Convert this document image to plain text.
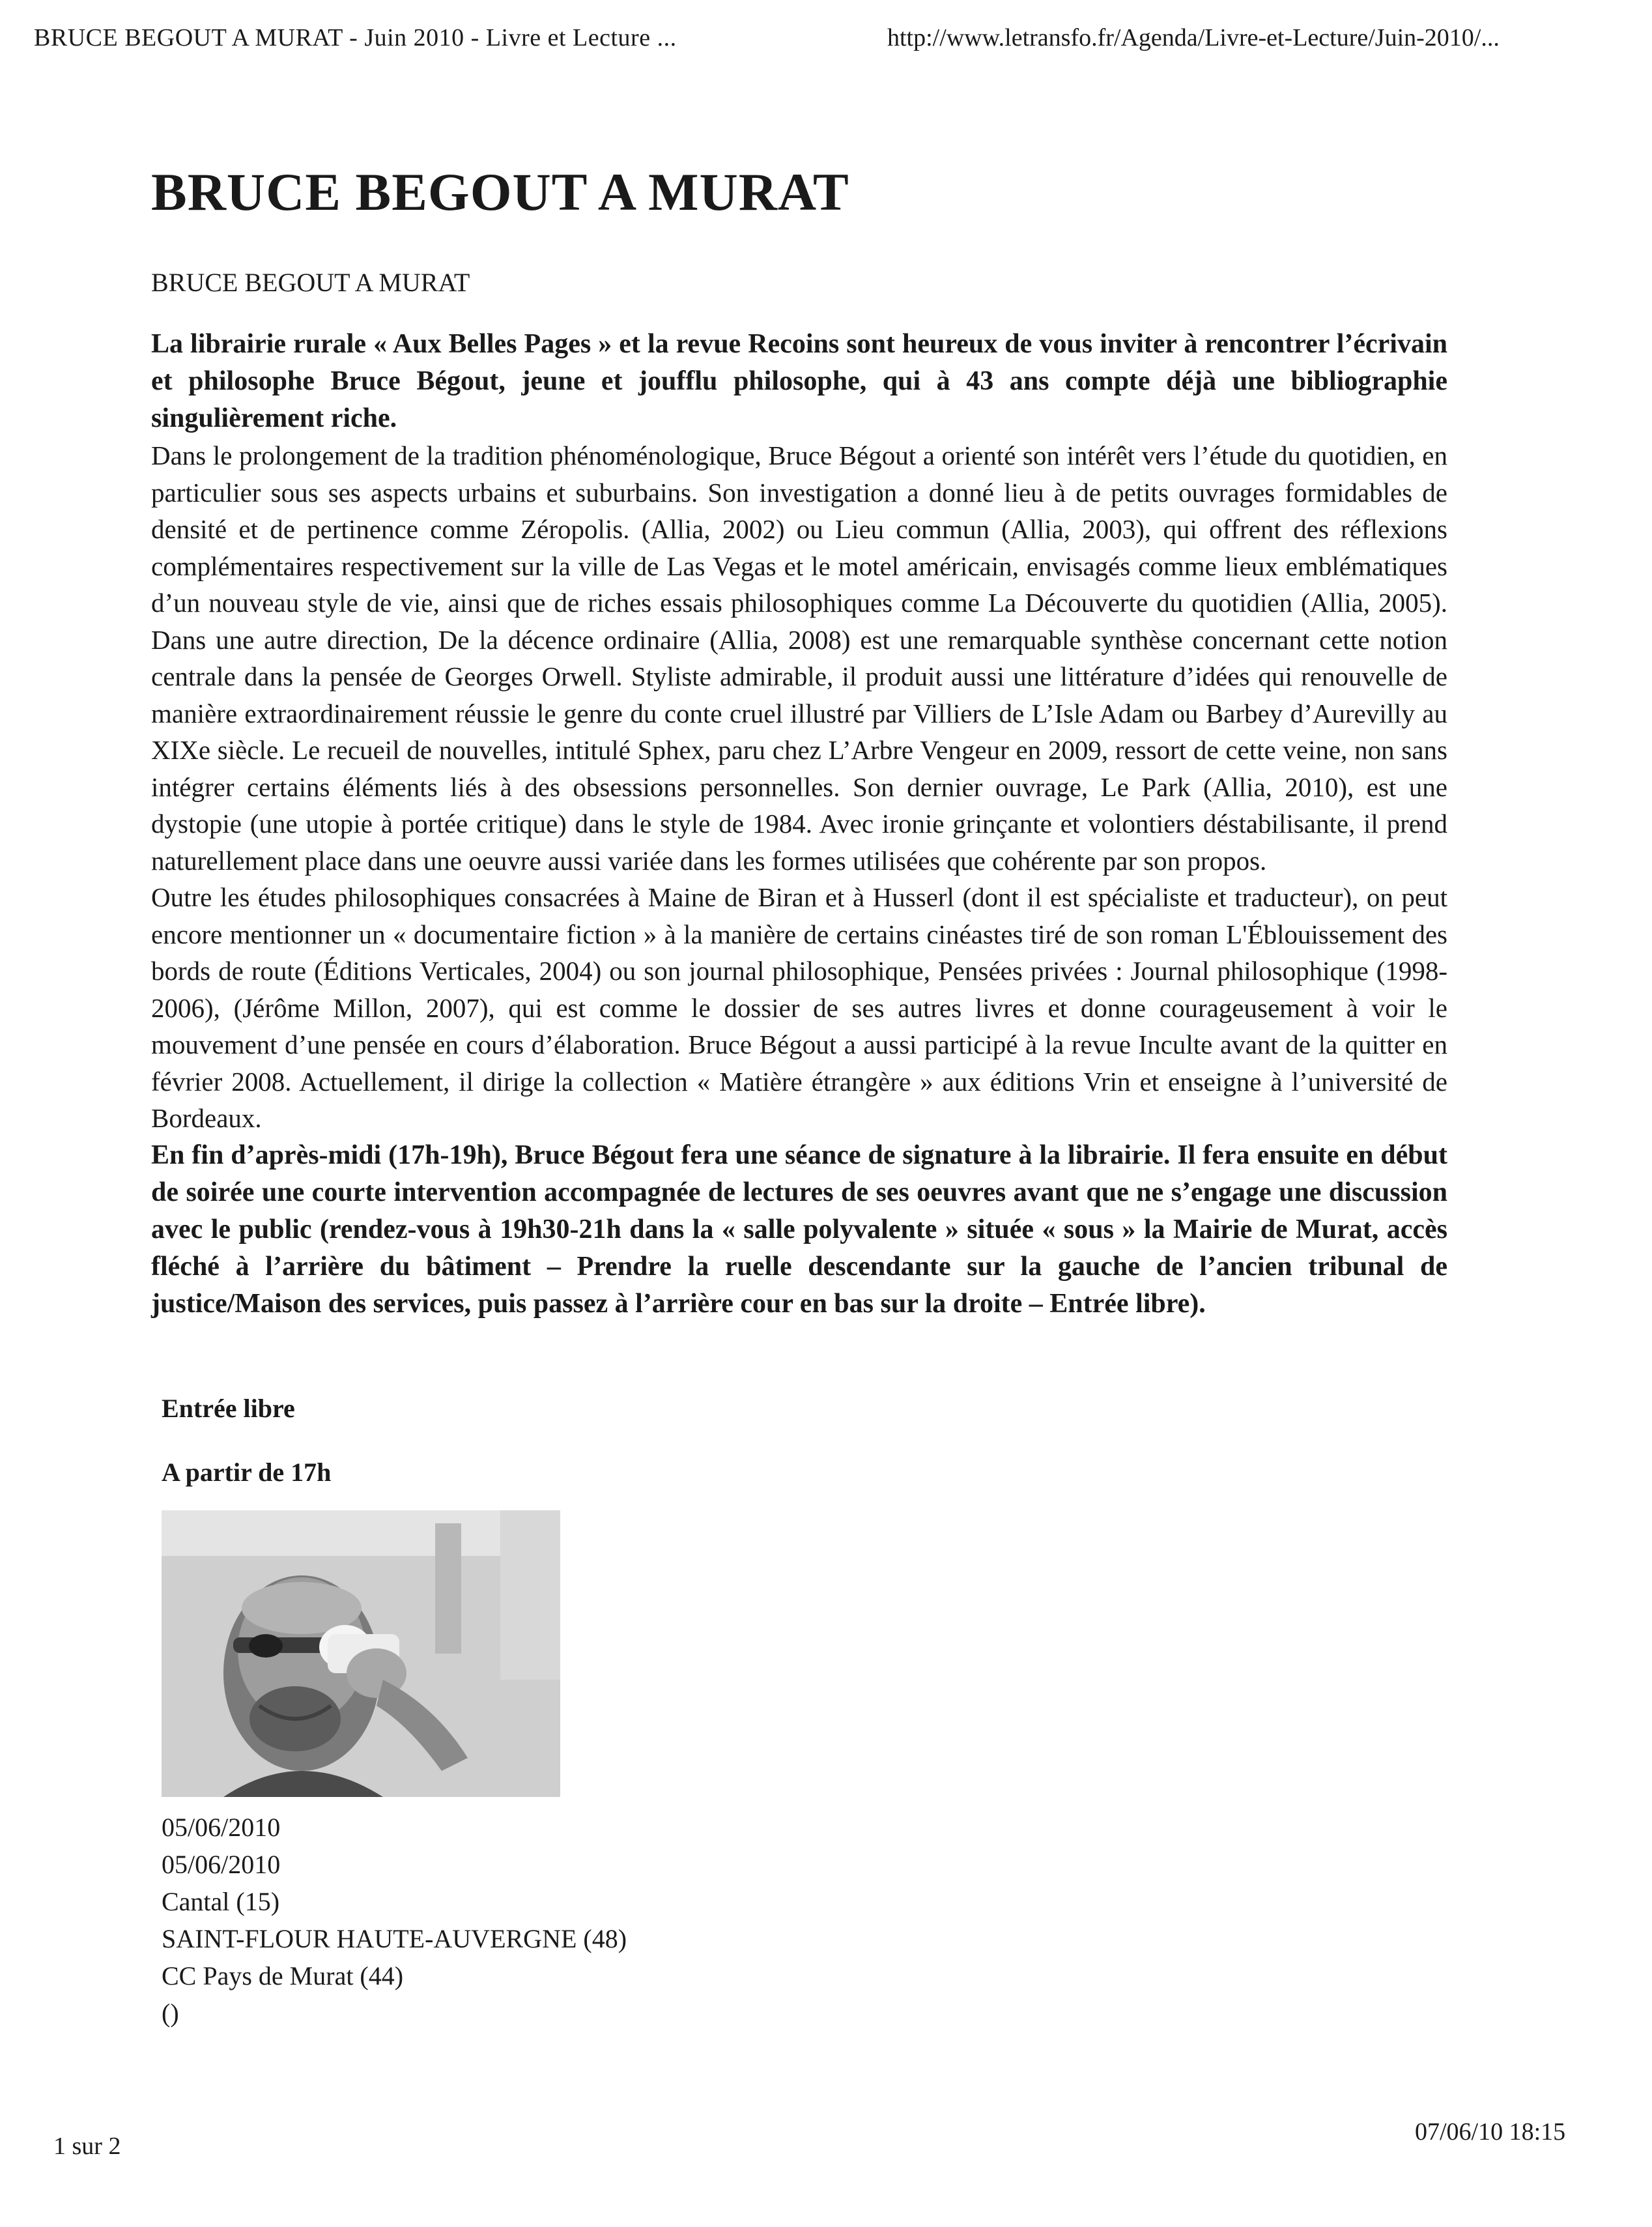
BRUCE BEGOUT A MURAT - Juin 2010 - Livre et Lecture ...	http://www.letransfo.fr/Agenda/Livre-et-Lecture/Juin-2010/...
BRUCE BEGOUT A MURAT
BRUCE BEGOUT A MURAT

La librairie rurale « Aux Belles Pages » et la revue Recoins sont heureux de vous inviter à rencontrer l’écrivain et philosophe Bruce Bégout, jeune et joufflu philosophe, qui à 43 ans compte déjà une bibliographie singulièrement riche.

Dans le prolongement de la tradition phénoménologique, Bruce Bégout a orienté son intérêt vers l’étude du quotidien, en particulier sous ses aspects urbains et suburbains. Son investigation a donné lieu à de petits ouvrages formidables de densité et de pertinence comme Zéropolis. (Allia, 2002) ou Lieu commun (Allia, 2003), qui offrent des réflexions complémentaires respectivement sur la ville de Las Vegas et le motel américain, envisagés comme lieux emblématiques d’un nouveau style de vie, ainsi que de riches essais philosophiques comme La Découverte du quotidien (Allia, 2005). Dans une autre direction, De la décence ordinaire (Allia, 2008) est une remarquable synthèse concernant cette notion centrale dans la pensée de Georges Orwell. Styliste admirable, il produit aussi une littérature d’idées qui renouvelle de manière extraordinairement réussie le genre du conte cruel illustré par Villiers de L’Isle Adam ou Barbey d’Aurevilly au XIXe siècle. Le recueil de nouvelles, intitulé Sphex, paru chez L’Arbre Vengeur en 2009, ressort de cette veine, non sans intégrer certains éléments liés à des obsessions personnelles. Son dernier ouvrage, Le Park (Allia, 2010), est une dystopie (une utopie à portée critique) dans le style de 1984. Avec ironie grinçante et volontiers déstabilisante, il prend naturellement place dans une oeuvre aussi variée dans les formes utilisées que cohérente par son propos.

Outre les études philosophiques consacrées à Maine de Biran et à Husserl (dont il est spécialiste et traducteur), on peut encore mentionner un « documentaire fiction » à la manière de certains cinéastes tiré de son roman L'Éblouissement des bords de route (Éditions Verticales, 2004) ou son journal philosophique, Pensées privées : Journal philosophique (1998-2006), (Jérôme Millon, 2007), qui est comme le dossier de ses autres livres et donne courageusement à voir le mouvement d’une pensée en cours d’élaboration. Bruce Bégout a aussi participé à la revue Inculte avant de la quitter en février 2008. Actuellement, il dirige la collection « Matière étrangère » aux éditions Vrin et enseigne à l’université de Bordeaux.

En fin d’après-midi (17h-19h), Bruce Bégout fera une séance de signature à la librairie. Il fera ensuite en début de soirée une courte intervention accompagnée de lectures de ses oeuvres avant que ne s’engage une discussion avec le public (rendez-vous à 19h30-21h dans la « salle polyvalente » située « sous » la Mairie de Murat, accès fléché à l’arrière du bâtiment – Prendre la ruelle descendante sur la gauche de l’ancien tribunal de justice/Maison des services, puis passez à l’arrière cour en bas sur la droite – Entrée libre).

Entrée libre
A partir de 17h
05/06/2010
05/06/2010
Cantal (15)
SAINT-FLOUR HAUTE-AUVERGNE (48)
CC Pays de Murat (44)
()
1 sur 2
07/06/10 18:15
